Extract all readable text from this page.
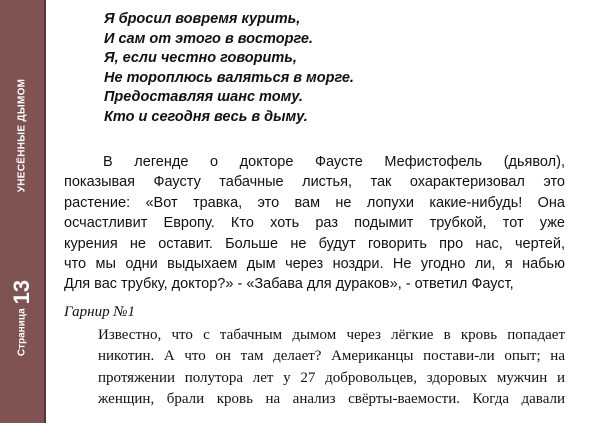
УНЕСЁННЫЕ ДЫМОМ
Страница13
Я бросил вовремя курить,
И сам от этого в восторге.
Я, если честно говорить,
Не тороплюсь валяться в морге.
Предоставляя шанс тому.
Кто и сегодня весь в дыму.
В легенде о докторе Фаусте Мефистофель (дьявол),
показывая Фаусту табачные листья, так охарактеризовал это
растение: «Вот травка, это вам не лопухи какие-нибудь! Она
осчастливит Европу. Кто хоть раз подымит трубкой, тот уже
курения не оставит. Больше не будут говорить про нас, чертей,
что мы одни выдыхаем дым через ноздри. Не угодно ли, я набью
Для вас трубку, доктор?» - «Забава для дураков», - ответил Фауст,
Гарнир №1
Известно, что с табачным дымом через лёгкие в кровь попадает
никотин. А что он там делает? Американцы постави-ли опыт; на
протяжении полутора лет у 27 добровольцев, здоровых мужчин и
женщин, брали кровь на анализ свёрты-ваемости. Когда давали
